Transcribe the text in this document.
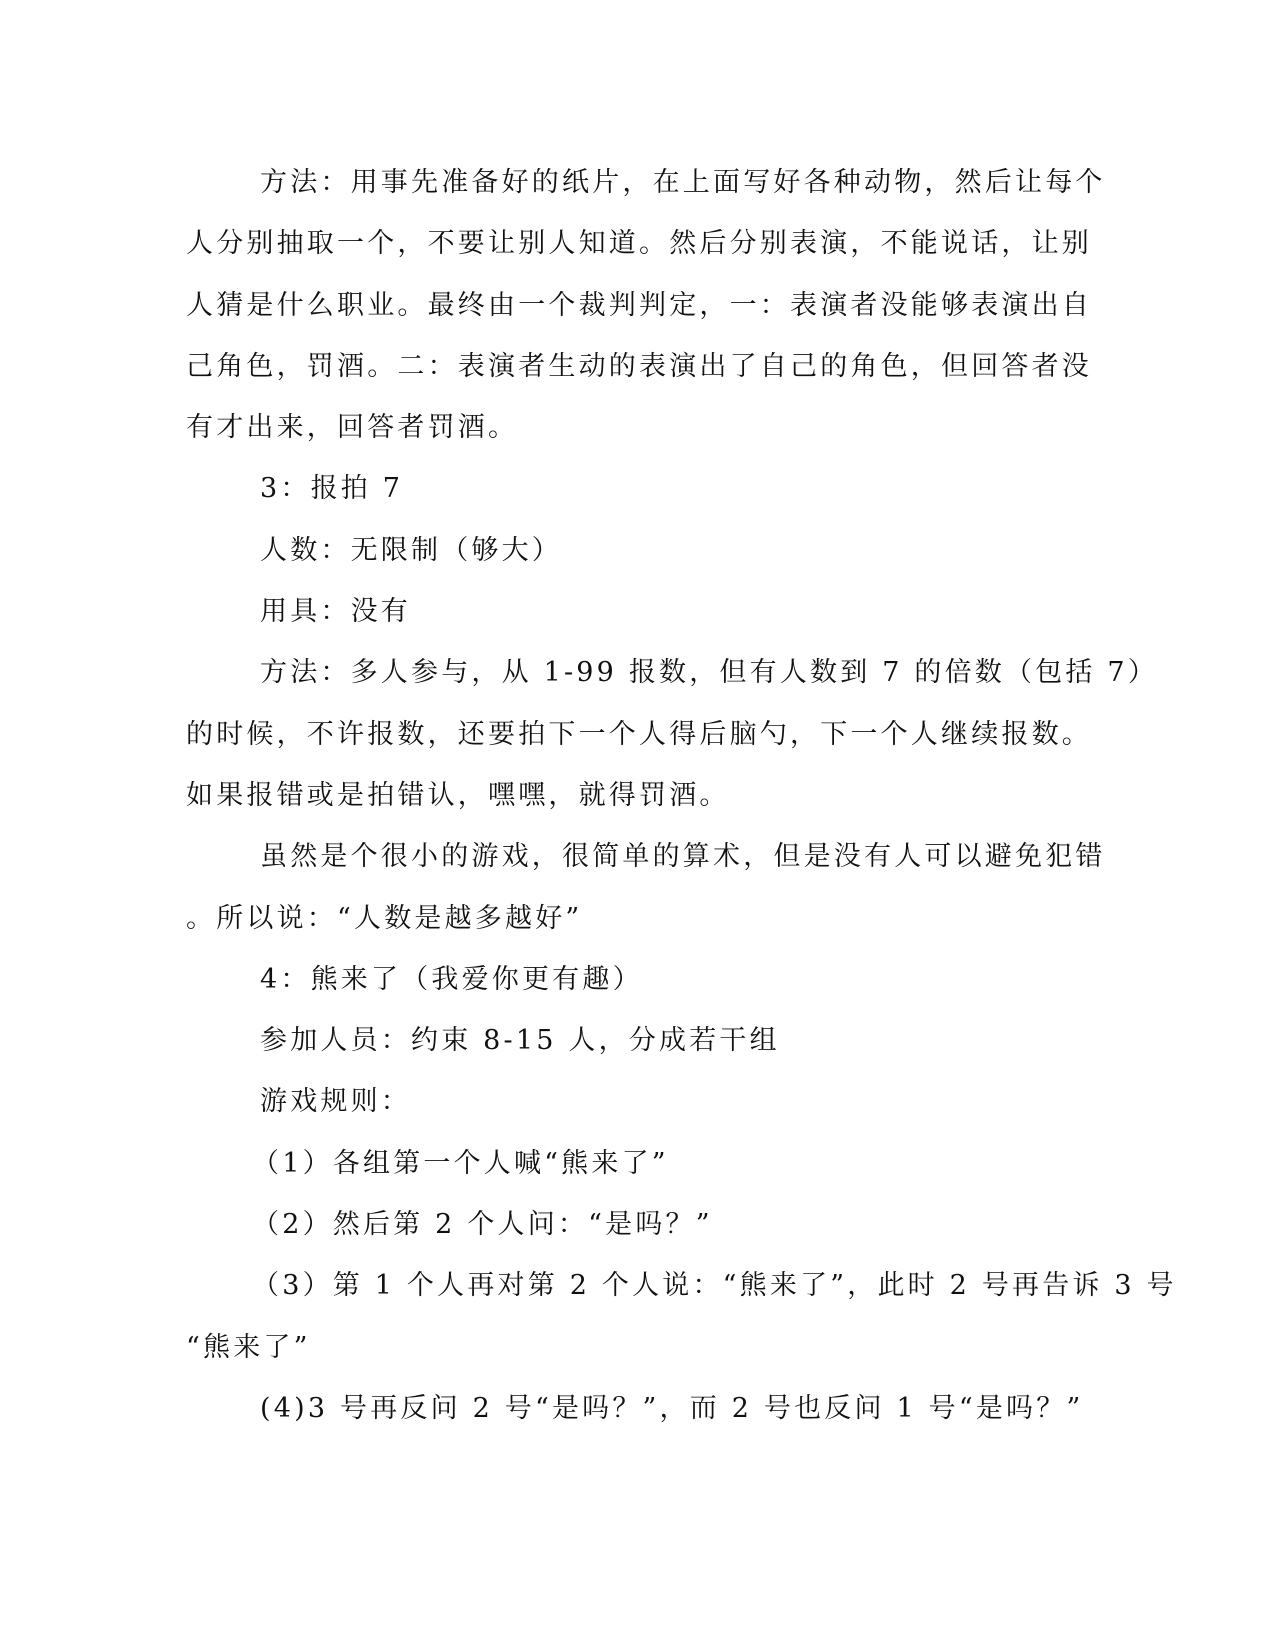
方法：用事先准备好的纸片，在上面写好各种动物，然后让每个
人分别抽取一个，不要让别人知道。然后分别表演，不能说话，让别
人猜是什么职业。最终由一个裁判判定，一：表演者没能够表演出自
己角色，罚酒。二：表演者生动的表演出了自己的角色，但回答者没
有才出来，回答者罚酒。
3：报拍 7
人数：无限制（够大）
用具：没有
方法：多人参与，从 1-99 报数，但有人数到 7 的倍数（包括 7）
的时候，不许报数，还要拍下一个人得后脑勺，下一个人继续报数。
如果报错或是拍错认，嘿嘿，就得罚酒。
虽然是个很小的游戏，很简单的算术，但是没有人可以避免犯错
。所以说：“人数是越多越好”
4：熊来了（我爱你更有趣）
参加人员：约束 8-15 人，分成若干组
游戏规则：
（1）各组第一个人喊“熊来了”
（2）然后第 2 个人问：“是吗？”
（3）第 1 个人再对第 2 个人说：“熊来了”，此时 2 号再告诉 3 号
“熊来了”
(4)3 号再反问 2 号“是吗？”，而 2 号也反问 1 号“是吗？”
